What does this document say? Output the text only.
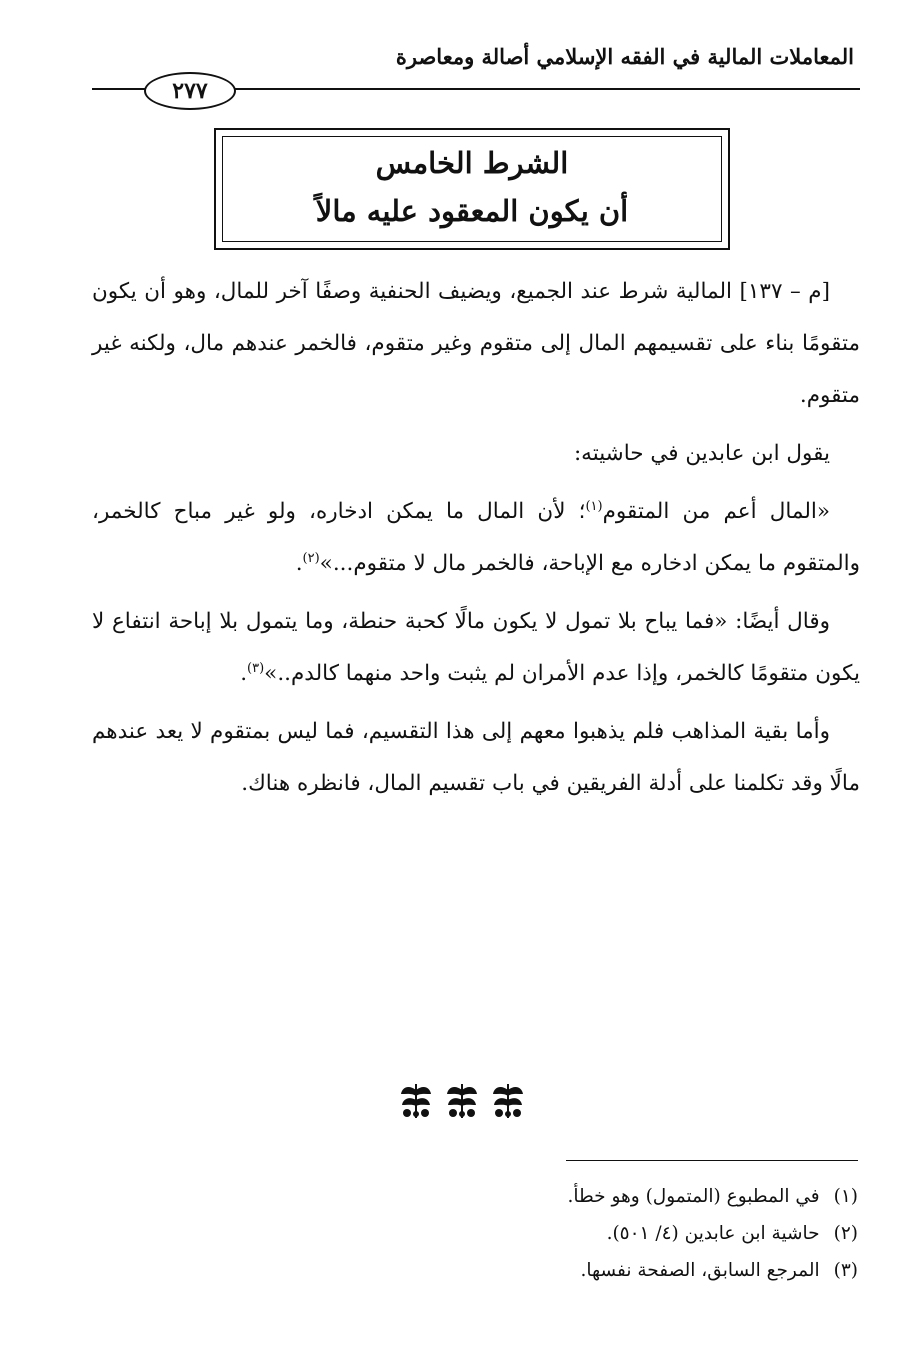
المعاملات المالية في الفقه الإسلامي أصالة ومعاصرة
٢٧٧
الشرط الخامس
أن يكون المعقود عليه مالاً

[م – ١٣٧] المالية شرط عند الجميع، ويضيف الحنفية وصفًا آخر للمال، وهو أن يكون متقومًا بناء على تقسيمهم المال إلى متقوم وغير متقوم، فالخمر عندهم مال، ولكنه غير متقوم.

يقول ابن عابدين في حاشيته:

«المال أعم من المتقوم$^{(١)}$؛ لأن المال ما يمكن ادخاره، ولو غير مباح كالخمر، والمتقوم ما يمكن ادخاره مع الإباحة، فالخمر مال لا متقوم...»$^{(٢)}$.

وقال أيضًا: «فما يباح بلا تمول لا يكون مالًا كحبة حنطة، وما يتمول بلا إباحة انتفاع لا يكون متقومًا كالخمر، وإذا عدم الأمران لم يثبت واحد منهما كالدم..»$^{(٣)}$.

وأما بقية المذاهب فلم يذهبوا معهم إلى هذا التقسيم، فما ليس بمتقوم لا يعد عندهم مالًا وقد تكلمنا على أدلة الفريقين في باب تقسيم المال، فانظره هناك.

(١)في المطبوع (المتمول) وهو خطأ.
(٢)حاشية ابن عابدين (٤/ ٥٠١).
(٣)المرجع السابق، الصفحة نفسها.
